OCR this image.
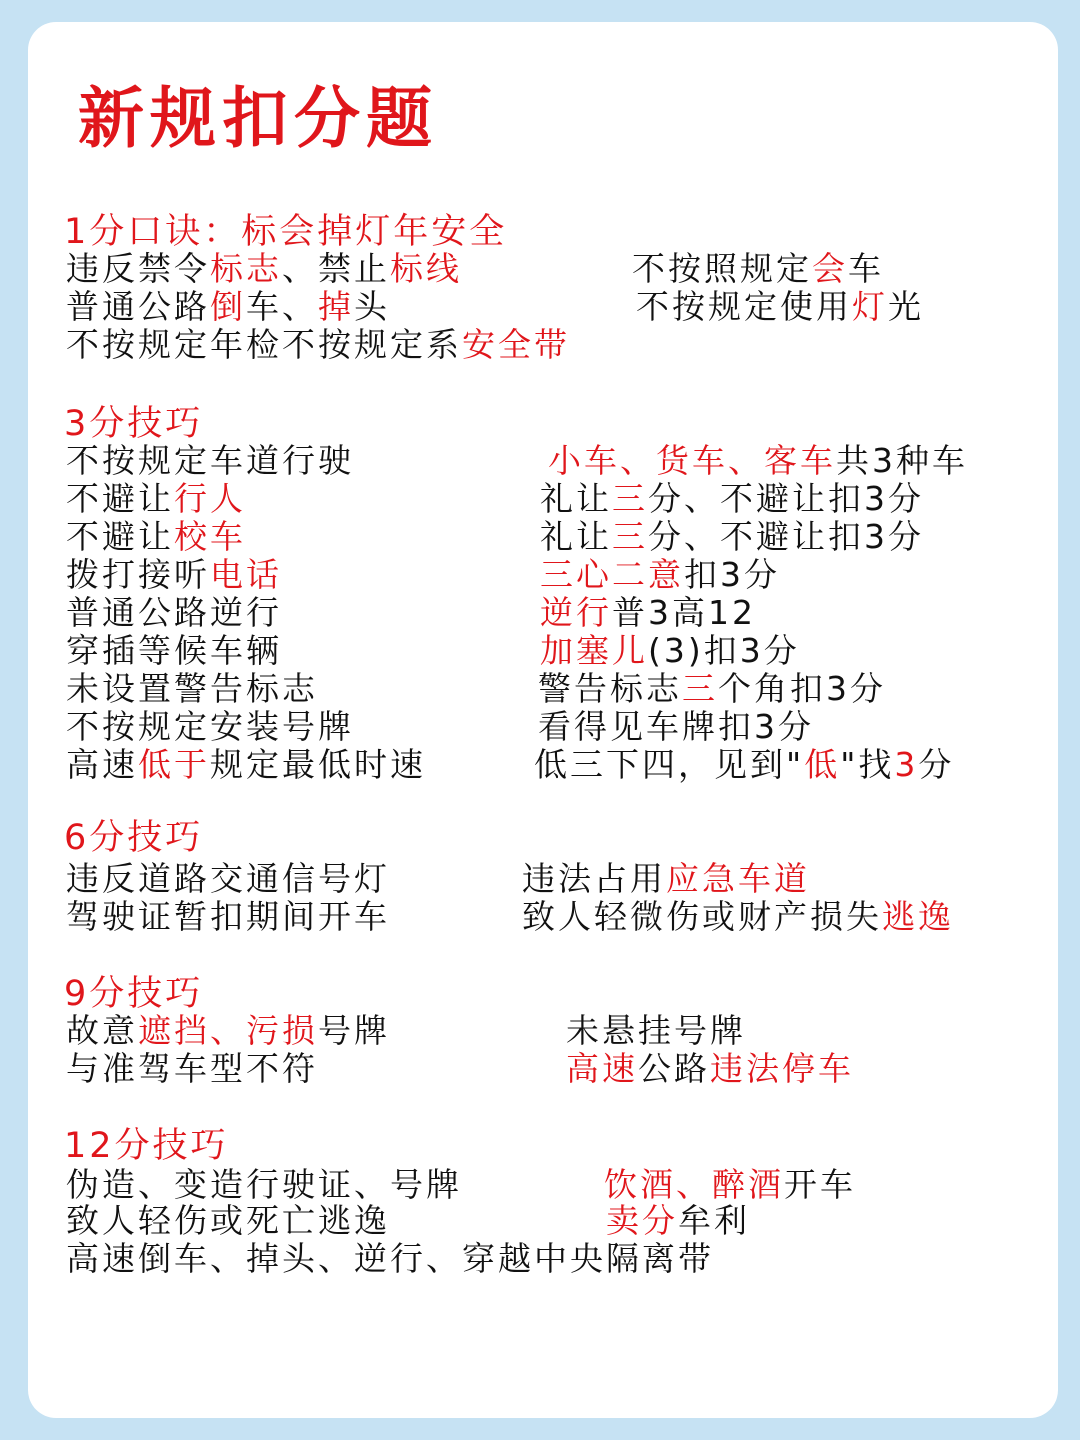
新规扣分题
1分口诀：标会掉灯年安全
违反禁令标志、禁止标线	不按照规定会车
普通公路倒车、掉头	不按规定使用灯光
不按规定年检不按规定系安全带
3分技巧
不按规定车道行驶	小车、货车、客车共3种车
不避让行人	礼让三分、不避让扣3分
不避让校车	礼让三分、不避让扣3分
拨打接听电话	三心二意扣3分
普通公路逆行	逆行普3高12
穿插等候车辆	加塞儿(3)扣3分
未设置警告标志	警告标志三个角扣3分
不按规定安装号牌	看得见车牌扣3分
高速低于规定最低时速	低三下四，见到"低"找3分
6分技巧
违反道路交通信号灯	违法占用应急车道
驾驶证暂扣期间开车	致人轻微伤或财产损失逃逸
9分技巧
故意遮挡、污损号牌	未悬挂号牌
与准驾车型不符	高速公路违法停车
12分技巧
伪造、变造行驶证、号牌	饮酒、醉酒开车
致人轻伤或死亡逃逸	卖分牟利
高速倒车、掉头、逆行、穿越中央隔离带
